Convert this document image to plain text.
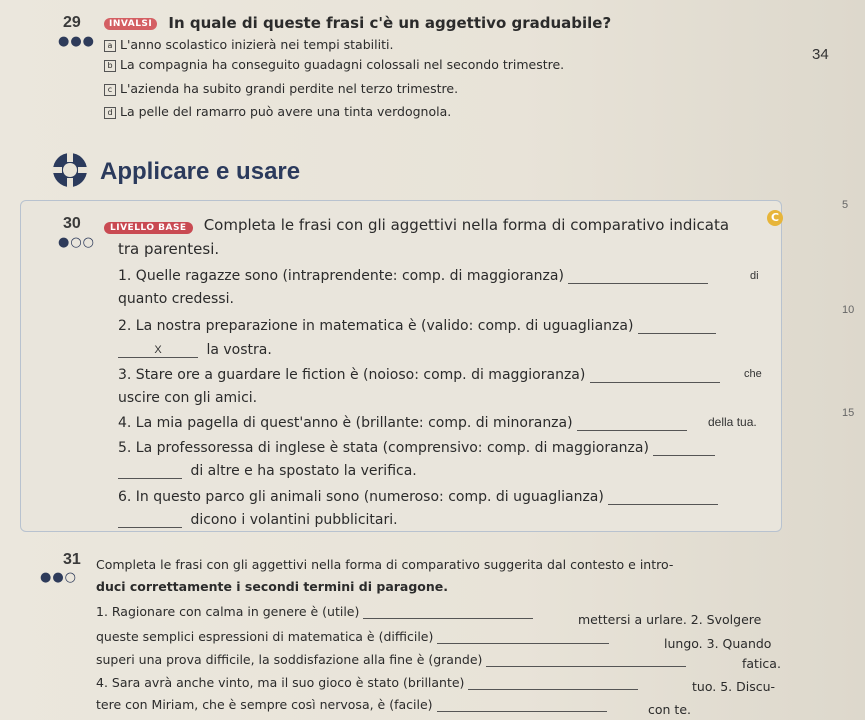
29
●●●
INVALSI In quale di queste frasi c'è un aggettivo graduabile?
a L'anno scolastico inizierà nei tempi stabiliti.
b La compagnia ha conseguito guadagni colossali nel secondo trimestre.
c L'azienda ha subito grandi perdite nel terzo trimestre.
d La pelle del ramarro può avere una tinta verdognola.
34
Applicare e usare
30
●○○
LIVELLO BASE Completa le frasi con gli aggettivi nella forma di comparativo indicata	C
tra parentesi.
1. Quelle ragazze sono (intraprendente: comp. di maggioranza)	di
quanto credessi.
2. La nostra preparazione in matematica è (valido: comp. di uguaglianza)
X	la vostra.
3. Stare ore a guardare le fiction è (noioso: comp. di maggioranza)	che
uscire con gli amici.
4. La mia pagella di quest'anno è (brillante: comp. di minoranza)	della tua.
5. La professoressa di inglese è stata (comprensivo: comp. di maggioranza)
di altre e ha spostato la verifica.
6. In questo parco gli animali sono (numeroso: comp. di uguaglianza)
dicono i volantini pubblicitari.
5
10
15
31
●●○
Completa le frasi con gli aggettivi nella forma di comparativo suggerita dal contesto e intro-
duci correttamente i secondi termini di paragone.
1. Ragionare con calma in genere è (utile)
mettersi a urlare. 2. Svolgere
queste semplici espressioni di matematica è (difficile)	lungo. 3. Quando
superi una prova difficile, la soddisfazione alla fine è (grande)	fatica.
4. Sara avrà anche vinto, ma il suo gioco è stato (brillante)	tuo. 5. Discu-
tere con Miriam, che è sempre così nervosa, è (facile)	con te.
